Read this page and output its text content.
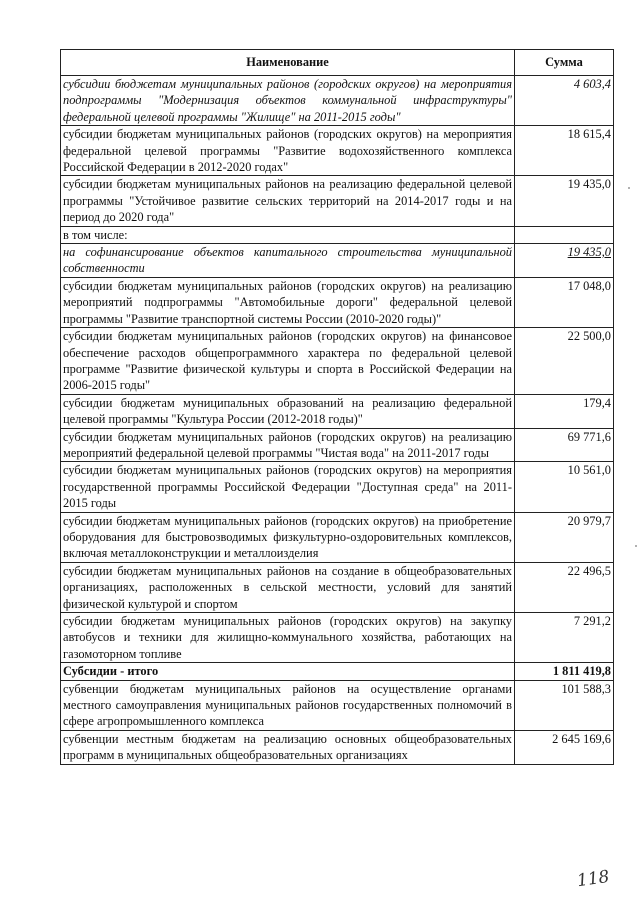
Наименование	Сумма
субсидии бюджетам муниципальных районов (городских округов) на мероприятия подпрограммы "Модернизация объектов коммунальной инфраструктуры" федеральной целевой программы "Жилище" на 2011-2015 годы"	4 603,4
субсидии бюджетам муниципальных районов (городских округов) на мероприятия федеральной целевой программы "Развитие водохозяйственного комплекса Российской Федерации в 2012-2020 годах"	18 615,4
субсидии бюджетам муниципальных районов на реализацию федеральной целевой программы "Устойчивое развитие сельских территорий на 2014-2017 годы и на период до 2020 года"	19 435,0
в том числе:	
на софинансирование объектов капитального строительства муниципальной собственности	19 435,0
субсидии бюджетам муниципальных районов (городских округов) на реализацию мероприятий подпрограммы "Автомобильные дороги" федеральной целевой программы "Развитие транспортной системы России (2010-2020 годы)"	17 048,0
субсидии бюджетам муниципальных районов (городских округов) на финансовое обеспечение расходов общепрограммного характера по федеральной целевой программе "Развитие физической культуры и спорта в Российской Федерации на 2006-2015 годы"	22 500,0
субсидии бюджетам муниципальных образований на реализацию федеральной целевой программы "Культура России (2012-2018 годы)"	179,4
субсидии бюджетам муниципальных районов (городских округов) на реализацию мероприятий федеральной целевой программы "Чистая вода" на 2011-2017 годы	69 771,6
субсидии бюджетам муниципальных районов (городских округов) на мероприятия государственной программы Российской Федерации "Доступная среда" на 2011-2015 годы	10 561,0
субсидии бюджетам муниципальных районов (городских округов) на приобретение оборудования для быстровозводимых физкультурно-оздоровительных комплексов, включая металлоконструкции и металлоизделия	20 979,7
субсидии бюджетам муниципальных районов на создание в общеобразовательных организациях, расположенных в сельской местности, условий для занятий физической культурой и спортом	22 496,5
субсидии бюджетам муниципальных районов (городских округов) на закупку автобусов и техники для жилищно-коммунального хозяйства, работающих на газомоторном топливе	7 291,2
Субсидии - итого	1 811 419,8
субвенции бюджетам муниципальных районов на осуществление органами местного самоуправления муниципальных районов государственных полномочий в сфере агропромышленного комплекса	101 588,3
субвенции местным бюджетам на реализацию основных общеобразовательных программ в муниципальных общеобразовательных организациях	2 645 169,6
118
